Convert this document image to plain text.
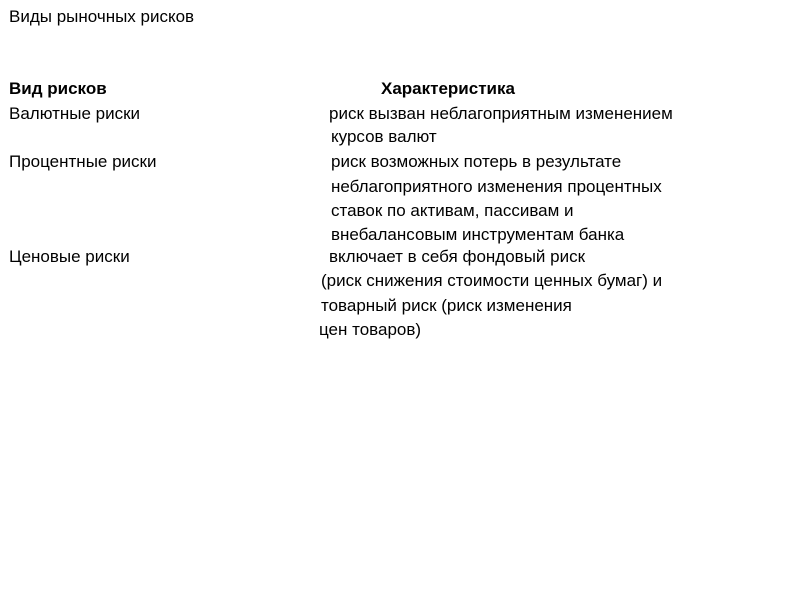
Виды рыночных рисков
Вид рисков	Характеристика
Валютные риски	риск вызван неблагоприятным изменением
курсов валют
Процентные риски	риск возможных потерь в результате
неблагоприятного изменения процентных
ставок по активам, пассивам и
внебалансовым инструментам банка
Ценовые риски	включает в себя фондовый риск
(риск снижения стоимости ценных бумаг) и
товарный риск (риск изменения
цен товаров)
